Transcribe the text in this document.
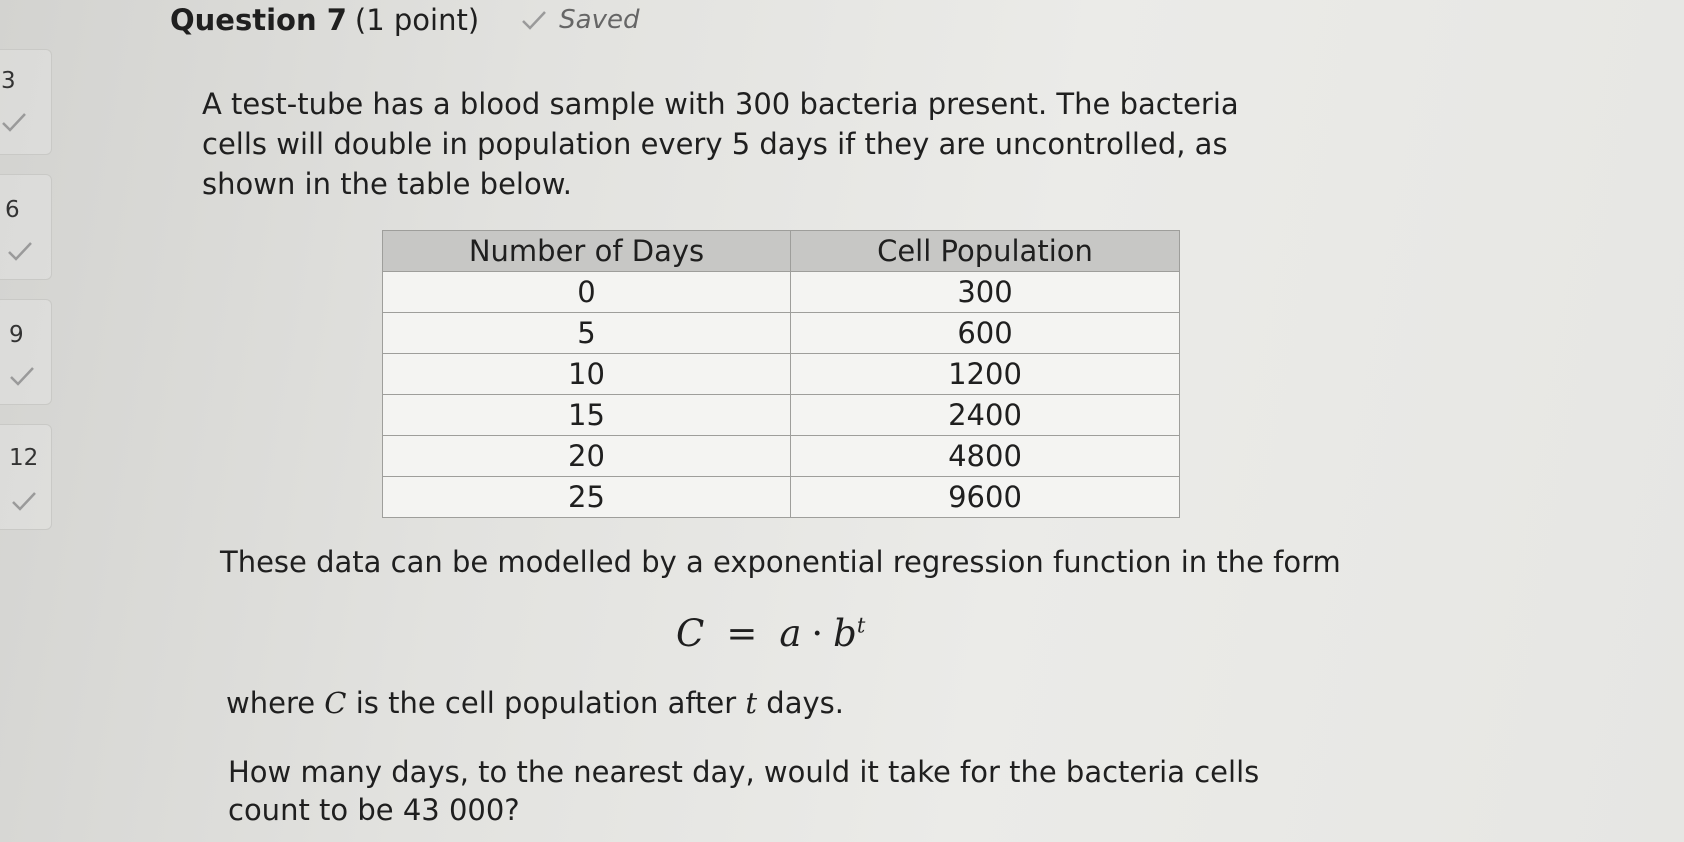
Question 7 (1 point)	Saved
3
6
9
12

A test-tube has a blood sample with 300 bacteria present. The bacteria cells will double in population every 5 days if they are uncontrolled, as shown in the table below.

Number of Days	Cell Population
0	300
5	600
10	1200
15	2400
20	4800
25	9600

These data can be modelled by a exponential regression function in the form

$C = a \cdot b^t$

where C is the cell population after t days.

How many days, to the nearest day, would it take for the bacteria cells count to be 43 000?
